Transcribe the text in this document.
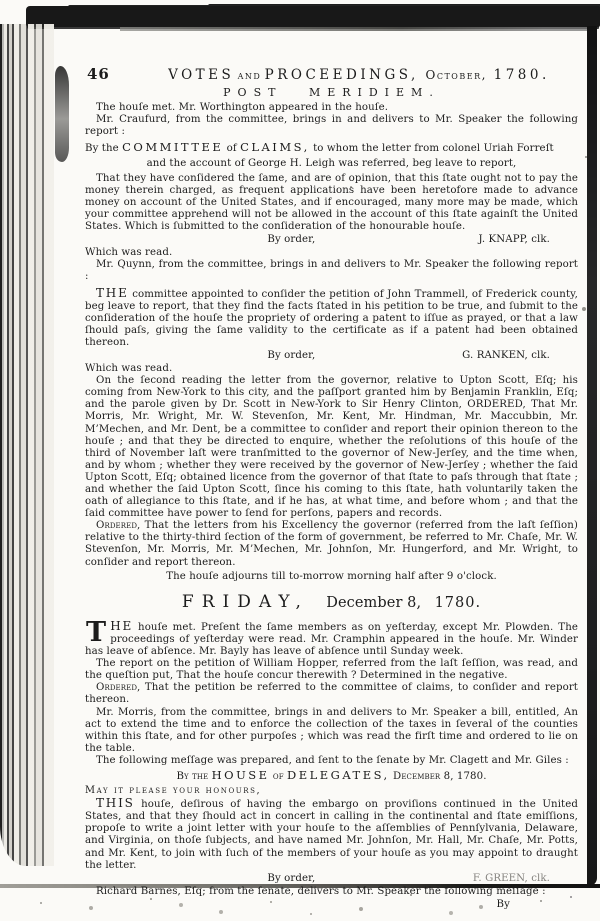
46	VOTES and PROCEEDINGS, October, 1780.
POST MERIDIEM.

The houſe met. Mr. Worthington appeared in the houſe.

Mr. Craufurd, from the committee, brings in and delivers to Mr. Speaker the following report :

By the COMMITTEE of CLAIMS, to whom the letter from colonel Uriah Forreſt

and the account of George H. Leigh was referred, beg leave to report,

That they have conſidered the ſame, and are of opinion, that this ſtate ought not to pay the money therein charged, as frequent applications have been heretofore made to advance money on account of the United States, and if encouraged, many more may be made, which your committee apprehend will not be allowed in the account of this ſtate againſt the United States. Which is ſubmitted to the conſideration of the honourable houſe.

By order,	J. KNAPP, clk.

Which was read.

Mr. Quynn, from the committee, brings in and delivers to Mr. Speaker the following report :

THE committee appointed to conſider the petition of John Trammell, of Frederick county, beg leave to report, that they find the facts ſtated in his petition to be true, and ſubmit to the conſideration of the houſe the propriety of ordering a patent to iſſue as prayed, or that a law ſhould paſs, giving the ſame validity to the certificate as if a patent had been obtained thereon.

By order,	G. RANKEN, clk.

Which was read.

On the ſecond reading the letter from the governor, relative to Upton Scott, Eſq; his coming from New-York to this city, and the paſſport granted him by Benjamin Franklin, Eſq; and the parole given by Dr. Scott in New-York to Sir Henry Clinton, ORDERED, That Mr. Morris, Mr. Wright, Mr. W. Stevenſon, Mr. Kent, Mr. Hindman, Mr. Maccubbin, Mr. M’Mechen, and Mr. Dent, be a committee to conſider and report their opinion thereon to the houſe ; and that they be directed to enquire, whether the reſolutions of this houſe of the third of November laſt were tranſmitted to the governor of New-Jerſey, and the time when, and by whom ; whether they were received by the governor of New-Jerſey ; whether the ſaid Upton Scott, Eſq; obtained licence from the governor of that ſtate to paſs through that ſtate ; and whether the ſaid Upton Scott, ſince his coming to this ſtate, hath voluntarily taken the oath of allegiance to this ſtate, and if he has, at what time, and before whom ; and that the ſaid committee have power to ſend for perſons, papers and records.

Ordered, That the letters from his Excellency the governor (referred from the laſt ſeſſion) relative to the thirty-third ſection of the form of government, be referred to Mr. Chaſe, Mr. W. Stevenſon, Mr. Morris, Mr. M’Mechen, Mr. Johnſon, Mr. Hungerford, and Mr. Wright, to conſider and report thereon.

The houſe adjourns till to-morrow morning half after 9 o'clock.

FRIDAY, December 8, 1780.

THE houſe met. Preſent the ſame members as on yeſterday, except Mr. Plowden. The proceedings of yeſterday were read. Mr. Cramphin appeared in the houſe. Mr. Winder has leave of abſence. Mr. Bayly has leave of abſence until Sunday week.

The report on the petition of William Hopper, referred from the laſt ſeſſion, was read, and the queſtion put, That the houſe concur therewith ? Determined in the negative.

Ordered, That the petition be referred to the committee of claims, to conſider and report thereon.

Mr. Morris, from the committee, brings in and delivers to Mr. Speaker a bill, entitled, An act to extend the time and to enforce the collection of the taxes in ſeveral of the counties within this ſtate, and for other purpoſes ; which was read the firſt time and ordered to lie on the table.

The following meſſage was prepared, and ſent to the ſenate by Mr. Clagett and Mr. Giles :

By the HOUSE of DELEGATES, December 8, 1780.

May it please your honours,

THIS houſe, deſirous of having the embargo on proviſions continued in the United States, and that they ſhould act in concert in calling in the continental and ſtate emiſſions, propoſe to write a joint letter with your houſe to the aſſemblies of Pennſylvania, Delaware, and Virginia, on thoſe ſubjects, and have named Mr. Johnſon, Mr. Hall, Mr. Chaſe, Mr. Potts, and Mr. Kent, to join with ſuch of the members of your houſe as you may appoint to draught the letter.

By order,	F. GREEN, clk.

Richard Barnes, Eſq; from the ſenate, delivers to Mr. Speaker the following meſſage :

By
